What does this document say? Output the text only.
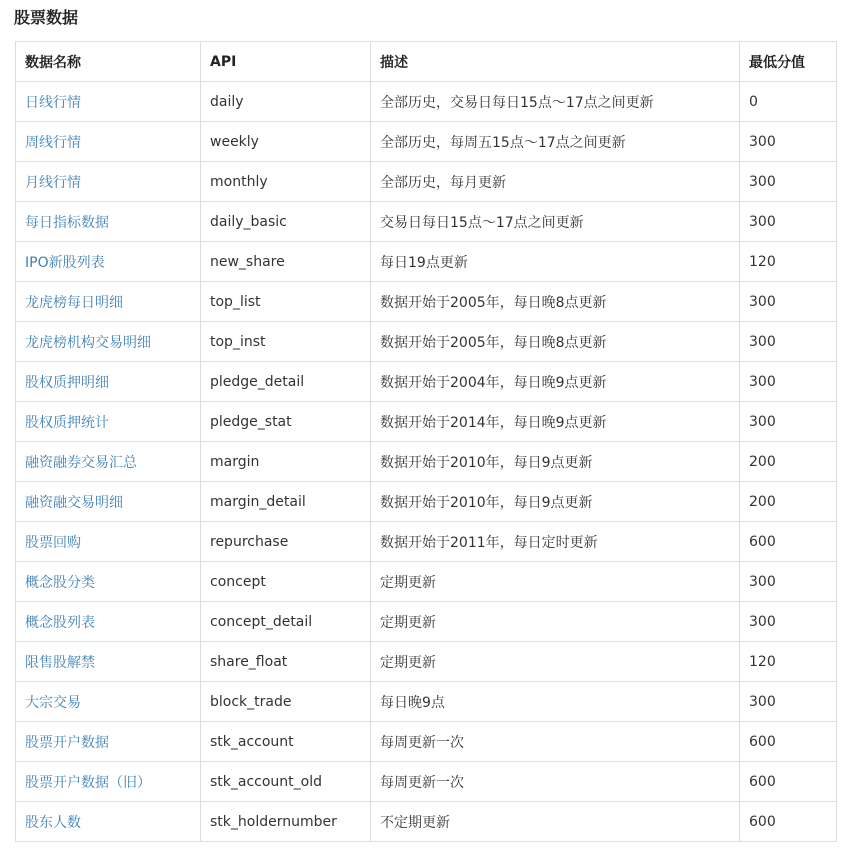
股票数据
数据名称	API	描述	最低分值
日线行情	daily	全部历史，交易日每日15点～17点之间更新	0
周线行情	weekly	全部历史，每周五15点～17点之间更新	300
月线行情	monthly	全部历史，每月更新	300
每日指标数据	daily_basic	交易日每日15点～17点之间更新	300
IPO新股列表	new_share	每日19点更新	120
龙虎榜每日明细	top_list	数据开始于2005年，每日晚8点更新	300
龙虎榜机构交易明细	top_inst	数据开始于2005年，每日晚8点更新	300
股权质押明细	pledge_detail	数据开始于2004年，每日晚9点更新	300
股权质押统计	pledge_stat	数据开始于2014年，每日晚9点更新	300
融资融券交易汇总	margin	数据开始于2010年，每日9点更新	200
融资融交易明细	margin_detail	数据开始于2010年，每日9点更新	200
股票回购	repurchase	数据开始于2011年，每日定时更新	600
概念股分类	concept	定期更新	300
概念股列表	concept_detail	定期更新	300
限售股解禁	share_float	定期更新	120
大宗交易	block_trade	每日晚9点	300
股票开户数据	stk_account	每周更新一次	600
股票开户数据（旧）	stk_account_old	每周更新一次	600
股东人数	stk_holdernumber	不定期更新	600
